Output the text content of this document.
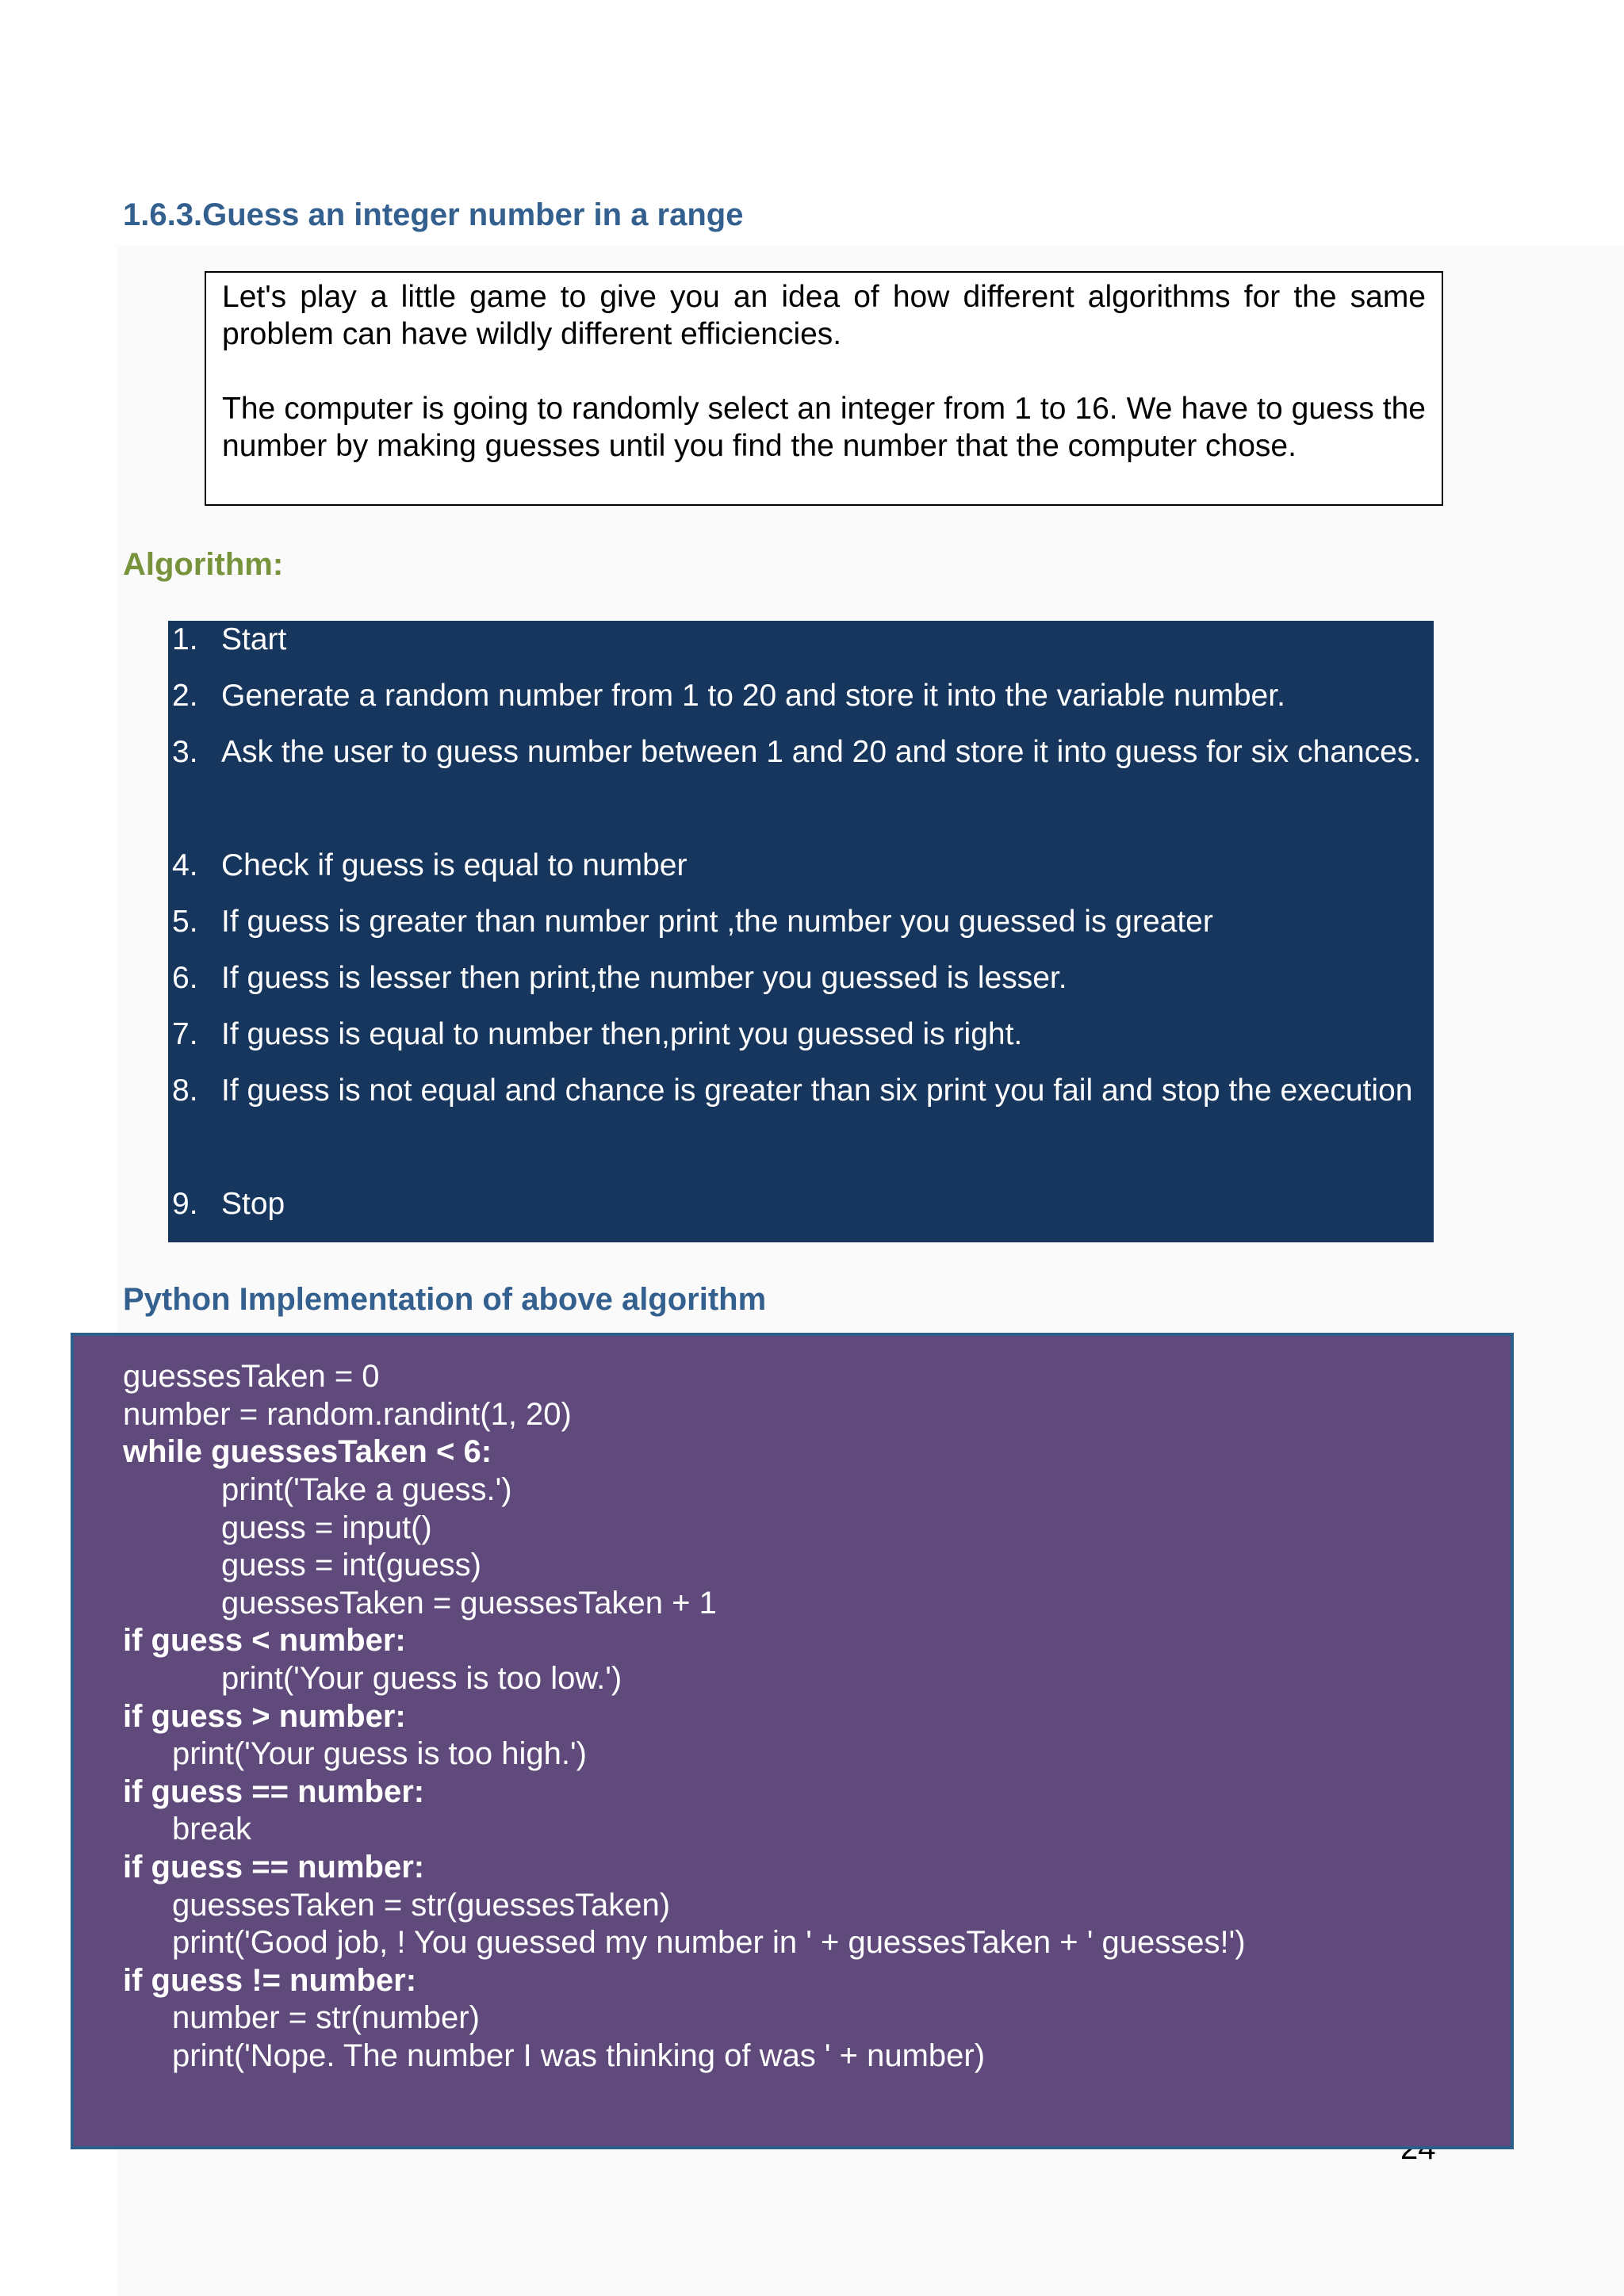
1.6.3.Guess an integer number in a range

Let's play a little game to give you an idea of how different algorithms for the same problem can have wildly different efficiencies.

The computer is going to randomly select an integer from 1 to 16. We have to guess the number by making guesses until you find the number that the computer chose.

Algorithm:
1. Start
2. Generate a random number from 1 to 20 and store it into the variable number.
3. Ask the user to guess number between 1 and 20 and store it into guess for six chances.
4. Check if guess is equal to number
5. If guess is greater than number print ,the number you guessed is greater
6. If guess is lesser then print,the number you guessed is lesser.
7. If guess is equal to number then,print you guessed is right.
8. If guess is not equal and chance is greater than six print you fail and stop the execution
9. Stop
Python Implementation of above algorithm
guessesTaken = 0
number = random.randint(1, 20)
while guessesTaken < 6:
print('Take a guess.')
guess = input()
guess = int(guess)
guessesTaken = guessesTaken + 1
if guess < number:
print('Your guess is too low.')
if guess > number:
print('Your guess is too high.')
if guess == number:
break
if guess == number:
guessesTaken = str(guessesTaken)
print('Good job, ! You guessed my number in ' + guessesTaken + ' guesses!')
if guess != number:
number = str(number)
print('Nope. The number I was thinking of was ' + number)
